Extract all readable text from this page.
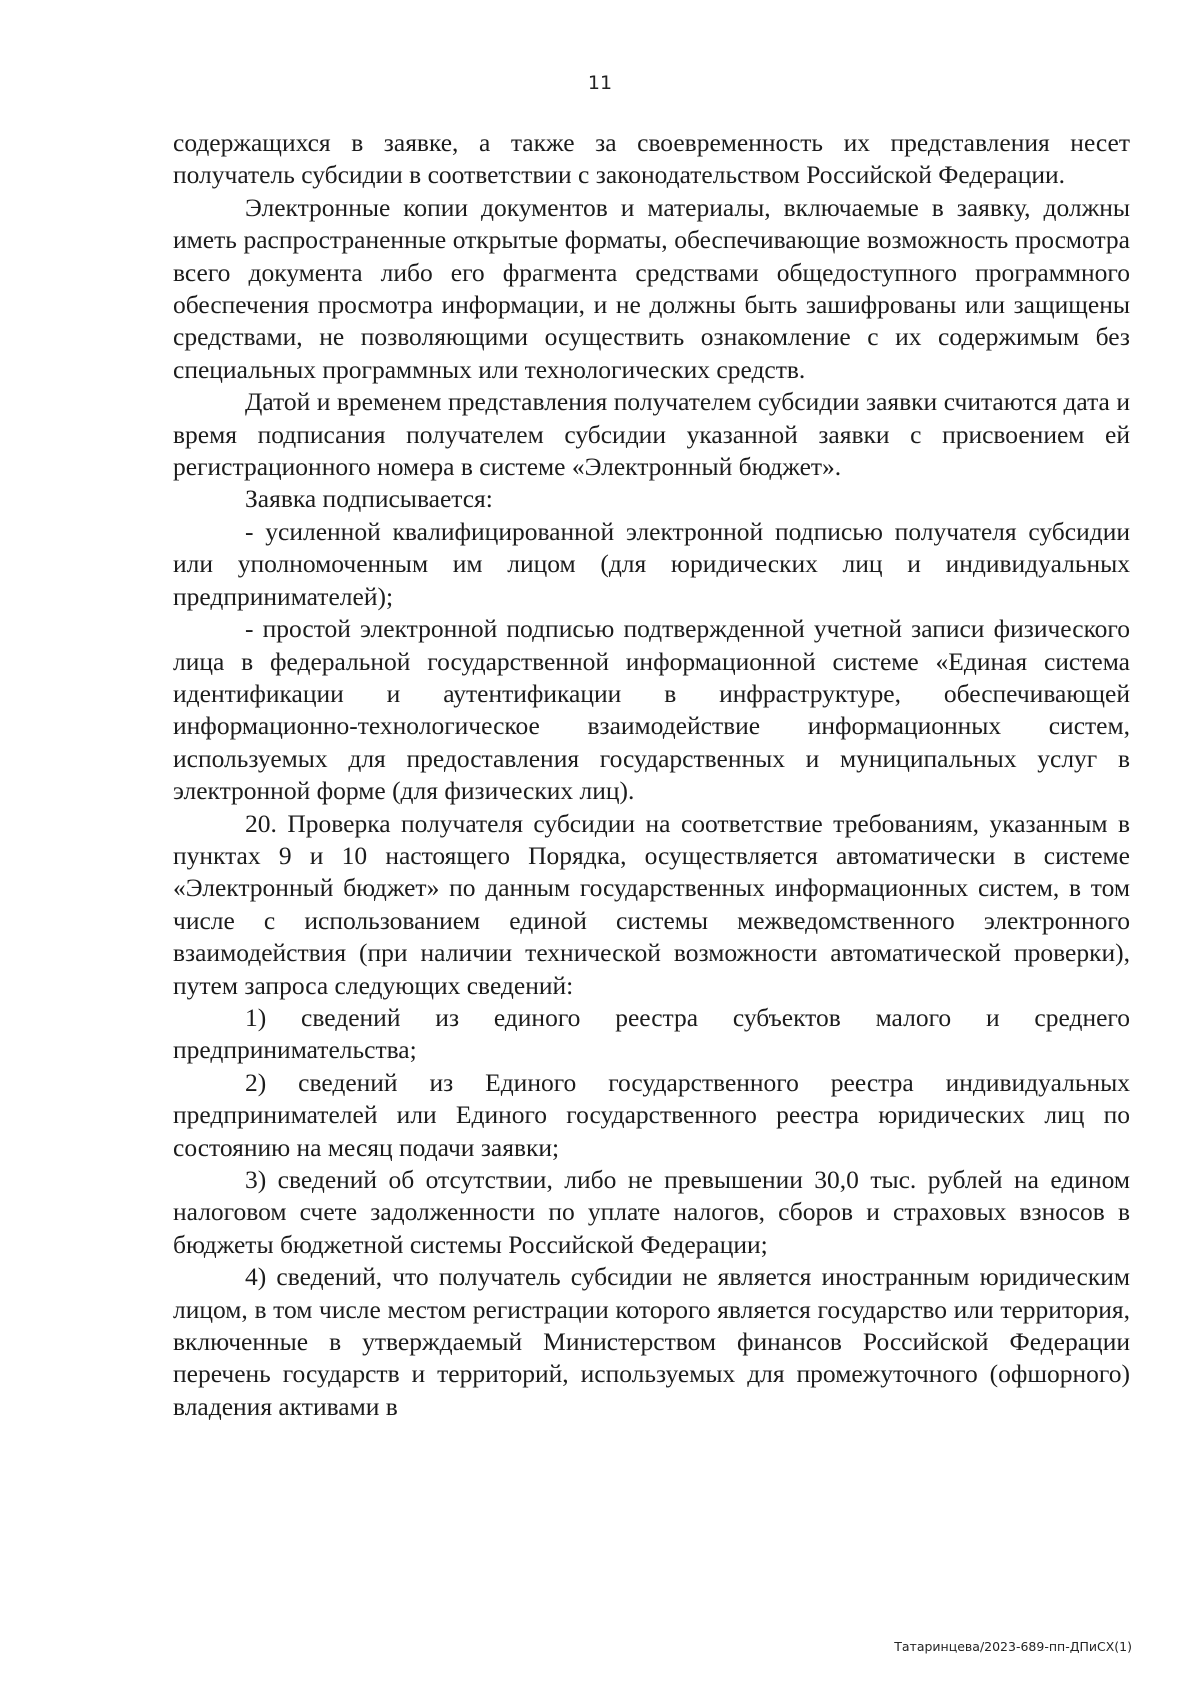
11

содержащихся в заявке, а также за своевременность их представления несет получатель субсидии в соответствии с законодательством Российской Федерации.

Электронные копии документов и материалы, включаемые в заявку, должны иметь распространенные открытые форматы, обеспечивающие возможность просмотра всего документа либо его фрагмента средствами общедоступного программного обеспечения просмотра информации, и не должны быть зашифрованы или защищены средствами, не позволяющими осуществить ознакомление с их содержимым без специальных программных или технологических средств.

Датой и временем представления получателем субсидии заявки считаются дата и время подписания получателем субсидии указанной заявки с присвоением ей регистрационного номера в системе «Электронный бюджет».

Заявка подписывается:

- усиленной квалифицированной электронной подписью получателя субсидии или уполномоченным им лицом (для юридических лиц и индивидуальных предпринимателей);

- простой электронной подписью подтвержденной учетной записи физического лица в федеральной государственной информационной системе «Единая система идентификации и аутентификации в инфраструктуре, обеспечивающей информационно-технологическое взаимодействие информационных систем, используемых для предоставления государственных и муниципальных услуг в электронной форме (для физических лиц).

20. Проверка получателя субсидии на соответствие требованиям, указанным в пунктах 9 и 10 настоящего Порядка, осуществляется автоматически в системе «Электронный бюджет» по данным государственных информационных систем, в том числе с использованием единой системы межведомственного электронного взаимодействия (при наличии технической возможности автоматической проверки), путем запроса следующих сведений:

1) сведений из единого реестра субъектов малого и среднего предпринимательства;

2) сведений из Единого государственного реестра индивидуальных предпринимателей или Единого государственного реестра юридических лиц по состоянию на месяц подачи заявки;

3) сведений об отсутствии, либо не превышении 30,0 тыс. рублей на едином налоговом счете задолженности по уплате налогов, сборов и страховых взносов в бюджеты бюджетной системы Российской Федерации;

4) сведений, что получатель субсидии не является иностранным юридическим лицом, в том числе местом регистрации которого является государство или территория, включенные в утверждаемый Министерством финансов Российской Федерации перечень государств и территорий, используемых для промежуточного (офшорного) владения активами в

Татаринцева/2023-689-пп-ДПиСХ(1)
